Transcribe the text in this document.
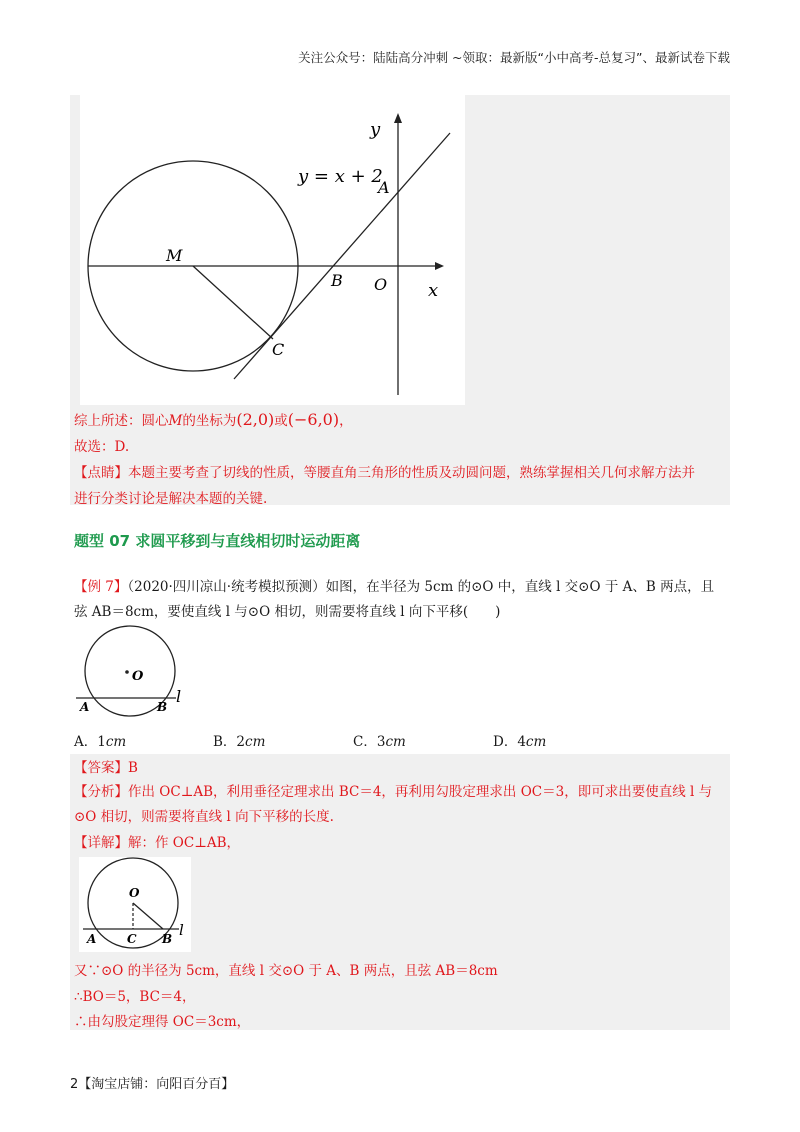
关注公众号：陆陆高分冲刺 ~领取：最新版“小中高考-总复习”、最新试卷下载
y = x + 2
y
A
M
B O x
C
综上所述：圆心M的坐标为(2,0)或(−6,0)，
故选：D.
【点睛】本题主要考查了切线的性质，等腰直角三角形的性质及动圆问题，熟练掌握相关几何求解方法并
进行分类讨论是解决本题的关键.
题型 07 求圆平移到与直线相切时运动距离
【例 7】（2020·四川凉山·统考模拟预测）如图，在半径为 5cm 的⊙O 中，直线 l 交⊙O 于 A、B 两点，且
弦 AB＝8cm，要使直线 l 与⊙O 相切，则需要将直线 l 向下平移(　　)
O
A	B
l
A．1cm	B．2cm	C．3cm	D．4cm
【答案】B
【分析】作出 OC⊥AB，利用垂径定理求出 BC＝4，再利用勾股定理求出 OC＝3，即可求出要使直线 l 与
⊙O 相切，则需要将直线 l 向下平移的长度.
【详解】解：作 OC⊥AB，
O
A	C B l
又∵⊙O 的半径为 5cm，直线 l 交⊙O 于 A、B 两点，且弦 AB＝8cm
∴BO＝5，BC＝4，
∴由勾股定理得 OC＝3cm，
2【淘宝店铺：向阳百分百】
